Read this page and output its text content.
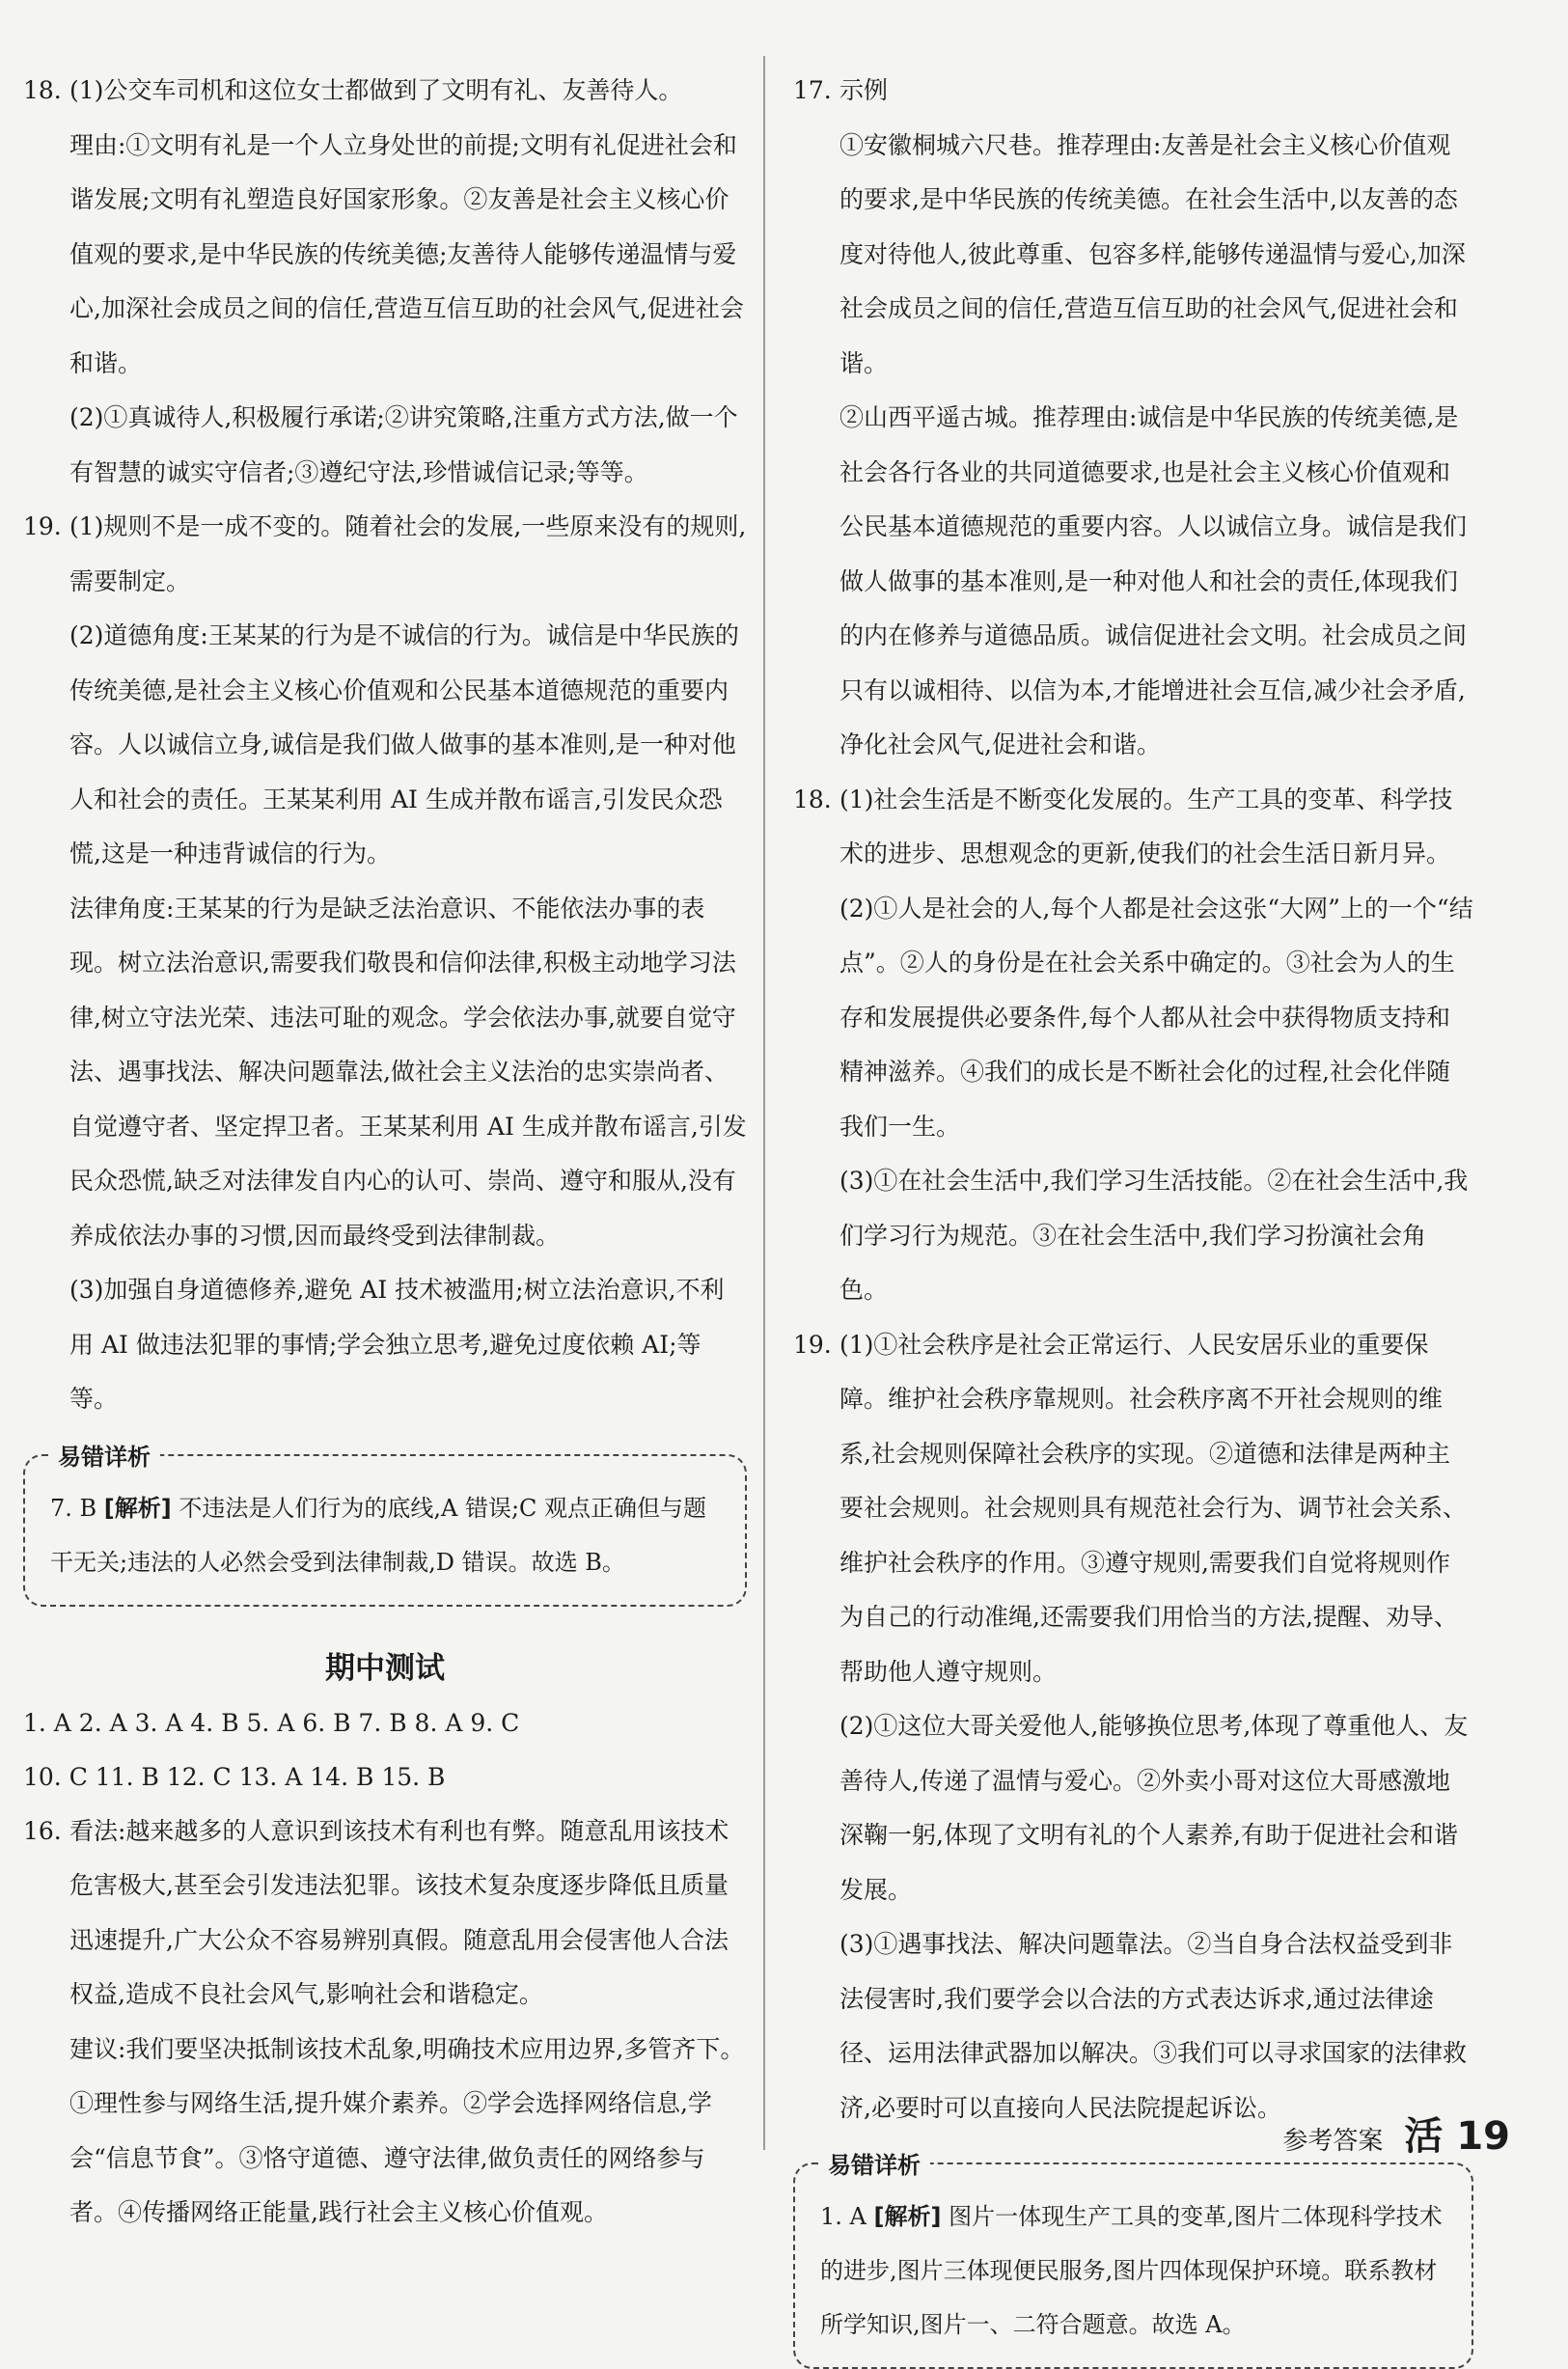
18. (1)公交车司机和这位女士都做到了文明有礼、友善待人。

理由:①文明有礼是一个人立身处世的前提;文明有礼促进社会和谐发展;文明有礼塑造良好国家形象。②友善是社会主义核心价值观的要求,是中华民族的传统美德;友善待人能够传递温情与爱心,加深社会成员之间的信任,营造互信互助的社会风气,促进社会和谐。

(2)①真诚待人,积极履行承诺;②讲究策略,注重方式方法,做一个有智慧的诚实守信者;③遵纪守法,珍惜诚信记录;等等。

19. (1)规则不是一成不变的。随着社会的发展,一些原来没有的规则,需要制定。

(2)道德角度:王某某的行为是不诚信的行为。诚信是中华民族的传统美德,是社会主义核心价值观和公民基本道德规范的重要内容。人以诚信立身,诚信是我们做人做事的基本准则,是一种对他人和社会的责任。王某某利用 AI 生成并散布谣言,引发民众恐慌,这是一种违背诚信的行为。

法律角度:王某某的行为是缺乏法治意识、不能依法办事的表现。树立法治意识,需要我们敬畏和信仰法律,积极主动地学习法律,树立守法光荣、违法可耻的观念。学会依法办事,就要自觉守法、遇事找法、解决问题靠法,做社会主义法治的忠实崇尚者、自觉遵守者、坚定捍卫者。王某某利用 AI 生成并散布谣言,引发民众恐慌,缺乏对法律发自内心的认可、崇尚、遵守和服从,没有养成依法办事的习惯,因而最终受到法律制裁。

(3)加强自身道德修养,避免 AI 技术被滥用;树立法治意识,不利用 AI 做违法犯罪的事情;学会独立思考,避免过度依赖 AI;等等。

易错详析

7. B [解析] 不违法是人们行为的底线,A 错误;C 观点正确但与题干无关;违法的人必然会受到法律制裁,D 错误。故选 B。

期中测试
1. A 2. A 3. A 4. B 5. A 6. B 7. B 8. A 9. C
10. C 11. B 12. C 13. A 14. B 15. B
16. 看法:越来越多的人意识到该技术有利也有弊。随意乱用该技术危害极大,甚至会引发违法犯罪。该技术复杂度逐步降低且质量迅速提升,广大公众不容易辨别真假。随意乱用会侵害他人合法权益,造成不良社会风气,影响社会和谐稳定。

建议:我们要坚决抵制该技术乱象,明确技术应用边界,多管齐下。①理性参与网络生活,提升媒介素养。②学会选择网络信息,学会“信息节食”。③恪守道德、遵守法律,做负责任的网络参与者。④传播网络正能量,践行社会主义核心价值观。

17. 示例

①安徽桐城六尺巷。推荐理由:友善是社会主义核心价值观的要求,是中华民族的传统美德。在社会生活中,以友善的态度对待他人,彼此尊重、包容多样,能够传递温情与爱心,加深社会成员之间的信任,营造互信互助的社会风气,促进社会和谐。

②山西平遥古城。推荐理由:诚信是中华民族的传统美德,是社会各行各业的共同道德要求,也是社会主义核心价值观和公民基本道德规范的重要内容。人以诚信立身。诚信是我们做人做事的基本准则,是一种对他人和社会的责任,体现我们的内在修养与道德品质。诚信促进社会文明。社会成员之间只有以诚相待、以信为本,才能增进社会互信,减少社会矛盾,净化社会风气,促进社会和谐。

18. (1)社会生活是不断变化发展的。生产工具的变革、科学技术的进步、思想观念的更新,使我们的社会生活日新月异。

(2)①人是社会的人,每个人都是社会这张“大网”上的一个“结点”。②人的身份是在社会关系中确定的。③社会为人的生存和发展提供必要条件,每个人都从社会中获得物质支持和精神滋养。④我们的成长是不断社会化的过程,社会化伴随我们一生。

(3)①在社会生活中,我们学习生活技能。②在社会生活中,我们学习行为规范。③在社会生活中,我们学习扮演社会角色。

19. (1)①社会秩序是社会正常运行、人民安居乐业的重要保障。维护社会秩序靠规则。社会秩序离不开社会规则的维系,社会规则保障社会秩序的实现。②道德和法律是两种主要社会规则。社会规则具有规范社会行为、调节社会关系、维护社会秩序的作用。③遵守规则,需要我们自觉将规则作为自己的行动准绳,还需要我们用恰当的方法,提醒、劝导、帮助他人遵守规则。

(2)①这位大哥关爱他人,能够换位思考,体现了尊重他人、友善待人,传递了温情与爱心。②外卖小哥对这位大哥感激地深鞠一躬,体现了文明有礼的个人素养,有助于促进社会和谐发展。

(3)①遇事找法、解决问题靠法。②当自身合法权益受到非法侵害时,我们要学会以合法的方式表达诉求,通过法律途径、运用法律武器加以解决。③我们可以寻求国家的法律救济,必要时可以直接向人民法院提起诉讼。

易错详析

1. A [解析] 图片一体现生产工具的变革,图片二体现科学技术的进步,图片三体现便民服务,图片四体现保护环境。联系教材所学知识,图片一、二符合题意。故选 A。

参考答案 活 19
